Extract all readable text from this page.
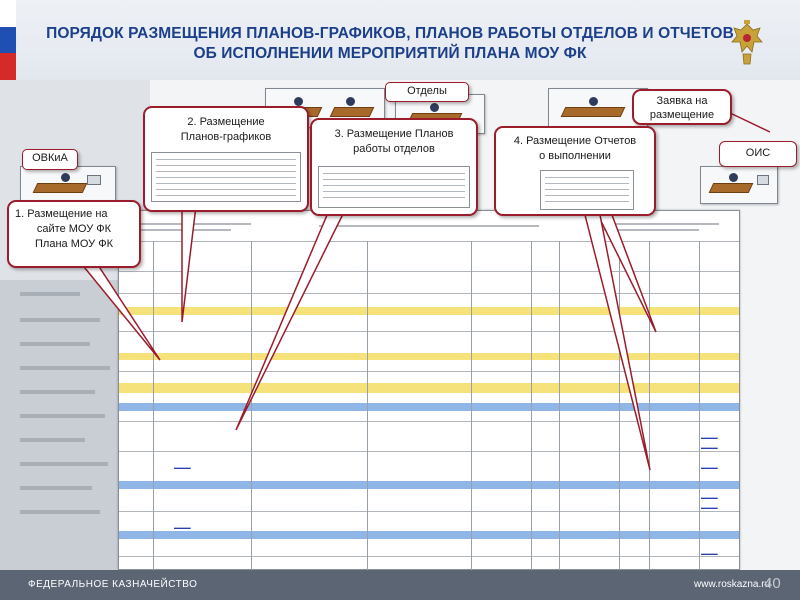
ПОРЯДОК РАЗМЕЩЕНИЯ ПЛАНОВ-ГРАФИКОВ, ПЛАНОВ РАБОТЫ ОТДЕЛОВ И ОТЧЕТОВ
ОБ ИСПОЛНЕНИИ МЕРОПРИЯТИЙ ПЛАНА МОУ ФК
______
______
______
______
______
______
______
______
ОВКиА
Отделы
Заявка на
размещение
ОИС
1. Размещение на
сайте МОУ ФК
Плана МОУ ФК
2. Размещение
Планов-графиков	3. Размещение Планов
работы отделов
4. Размещение Отчетов
о выполнении
ФЕДЕРАЛЬНОЕ КАЗНАЧЕЙСТВО	www.roskazna.ru
40
